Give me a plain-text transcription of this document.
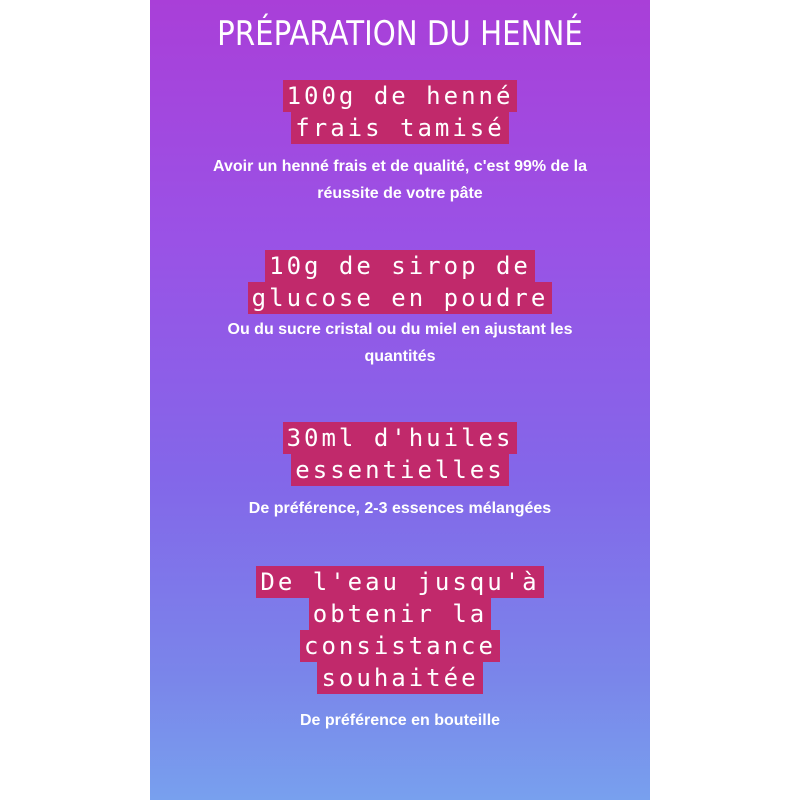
PRÉPARATION DU HENNÉ
100g de henné
frais tamisé
Avoir un henné frais et de qualité, c'est 99% de la
réussite de votre pâte
10g de sirop de
glucose en poudre
Ou du sucre cristal ou du miel en ajustant les
quantités
30ml d'huiles
essentielles
De préférence, 2-3 essences mélangées
De l'eau jusqu'à
obtenir la
consistance
souhaitée
De préférence en bouteille
